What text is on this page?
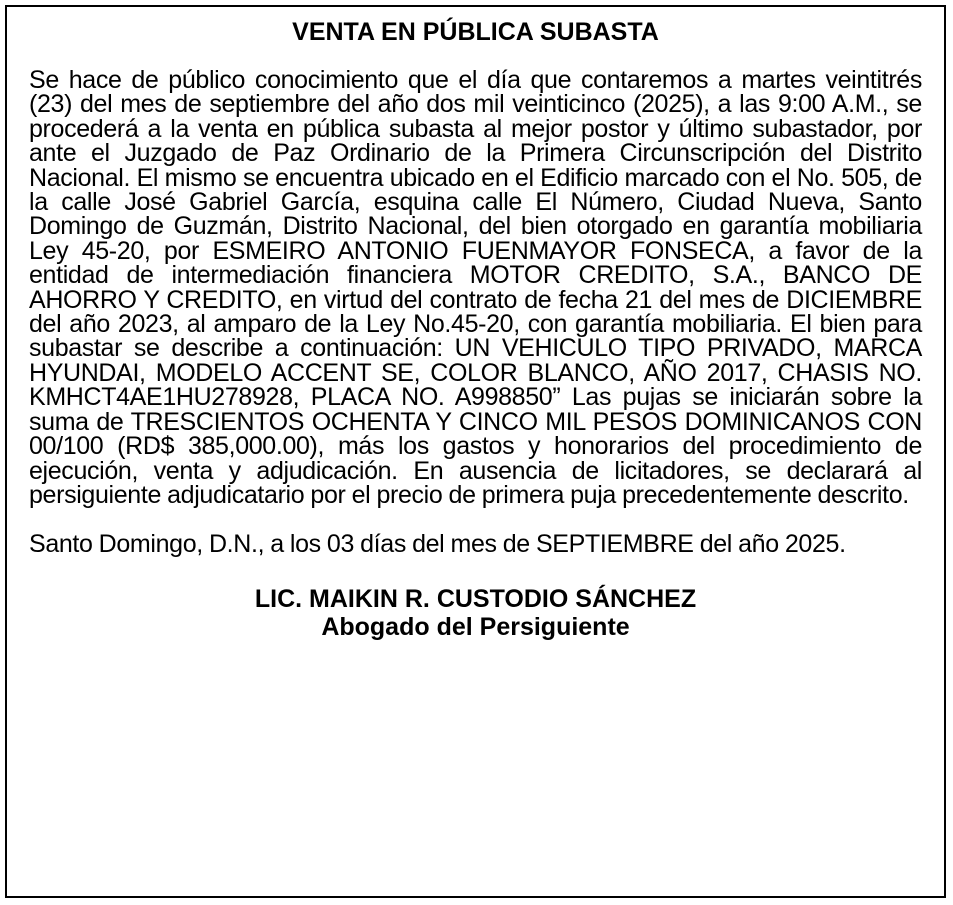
VENTA EN PÚBLICA SUBASTA
Se hace de público conocimiento que el día que contaremos a martes veintitrés (23) del mes de septiembre del año dos mil veinticinco (2025), a las 9:00 A.M., se procederá a la venta en pública subasta al mejor postor y último subastador, por ante el Juzgado de Paz Ordinario de la Primera Circunscripción del Distrito Nacional. El mismo se encuentra ubicado en el Edificio marcado con el No. 505, de la calle José Gabriel García, esquina calle El Número, Ciudad Nueva, Santo Domingo de Guzmán, Distrito Nacional, del bien otorgado en garantía mobiliaria Ley 45-20, por ESMEIRO ANTONIO FUENMAYOR FONSECA, a favor de la entidad de intermediación financiera MOTOR CREDITO, S.A., BANCO DE AHORRO Y CREDITO, en virtud del contrato de fecha 21 del mes de DICIEMBRE del año 2023, al amparo de la Ley No.45-20, con garantía mobiliaria. El bien para subastar se describe a continuación: UN VEHICULO TIPO PRIVADO, MARCA HYUNDAI, MODELO ACCENT SE, COLOR BLANCO, AÑO 2017, CHASIS NO. KMHCT4AE1HU278928, PLACA NO. A998850” Las pujas se iniciarán sobre la suma de TRESCIENTOS OCHENTA Y CINCO MIL PESOS DOMINICANOS CON 00/100 (RD$ 385,000.00), más los gastos y honorarios del procedimiento de ejecución, venta y adjudicación. En ausencia de licitadores, se declarará al persiguiente adjudicatario por el precio de primera puja precedentemente descrito.
Santo Domingo, D.N., a los 03 días del mes de SEPTIEMBRE del año 2025.
LIC. MAIKIN R. CUSTODIO SÁNCHEZ
Abogado del Persiguiente
